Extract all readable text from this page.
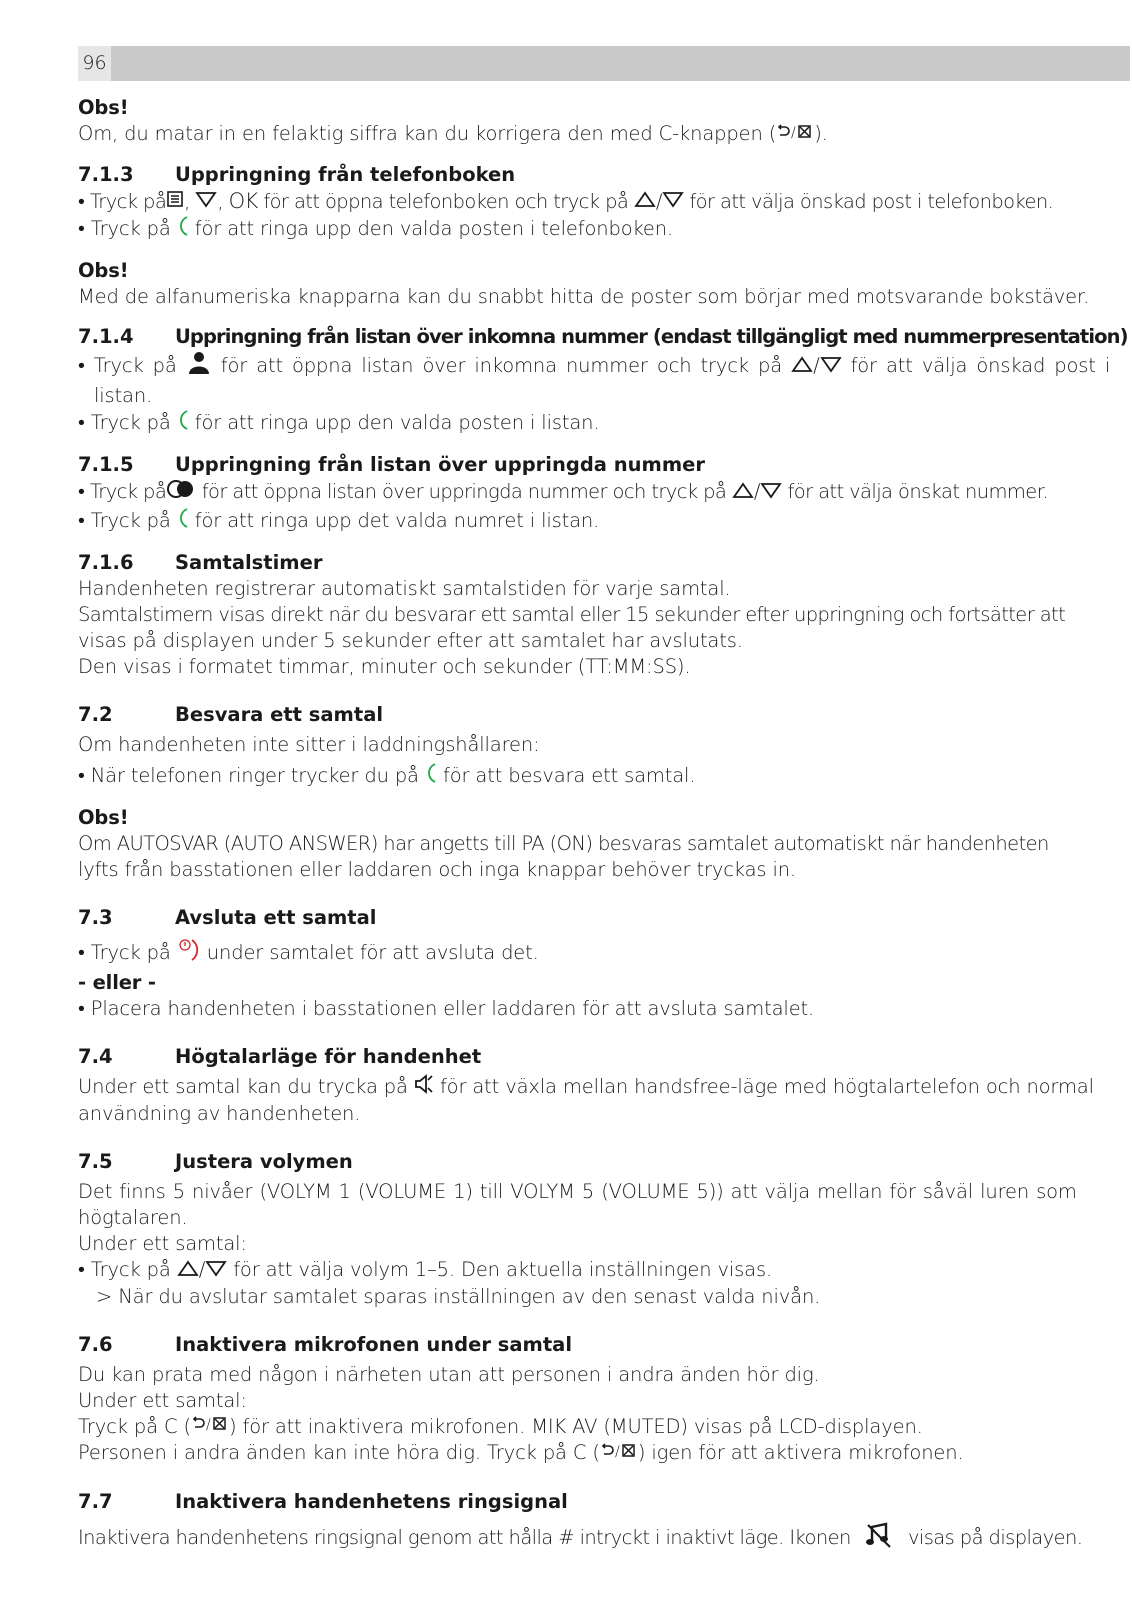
96
Obs!
Om, du matar in en felaktig siffra kan du korrigera den med C-knappen ( / ).
7.1.3	Uppringning från telefonboken
• Tryck på , , OK för att öppna telefonboken och tryck på / för att välja önskad post i telefonboken.
• Tryck på för att ringa upp den valda posten i telefonboken.
Obs!
Med de alfanumeriska knapparna kan du snabbt hitta de poster som börjar med motsvarande bokstäver.
7.1.4	Uppringning från listan över inkomna nummer (endast tillgängligt med nummerpresentation)
• Tryck på för att öppna listan över inkomna nummer och tryck på / för att välja önskad post i
listan.
• Tryck på för att ringa upp den valda posten i listan.
7.1.5	Uppringning från listan över uppringda nummer
• Tryck på för att öppna listan över uppringda nummer och tryck på / för att välja önskat nummer.
• Tryck på för att ringa upp det valda numret i listan.
7.1.6	Samtalstimer
Handenheten registrerar automatiskt samtalstiden för varje samtal.
Samtalstimern visas direkt när du besvarar ett samtal eller 15 sekunder efter uppringning och fortsätter att
visas på displayen under 5 sekunder efter att samtalet har avslutats.
Den visas i formatet timmar, minuter och sekunder (TT:MM:SS).
7.2	Besvara ett samtal
Om handenheten inte sitter i laddningshållaren:
• När telefonen ringer trycker du på för att besvara ett samtal.
Obs!
Om AUTOSVAR (AUTO ANSWER) har angetts till PA (ON) besvaras samtalet automatiskt när handenheten
lyfts från basstationen eller laddaren och inga knappar behöver tryckas in.
7.3	Avsluta ett samtal
• Tryck på under samtalet för att avsluta det.
- eller -
• Placera handenheten i basstationen eller laddaren för att avsluta samtalet.
7.4	Högtalarläge för handenhet
Under ett samtal kan du trycka på för att växla mellan handsfree-läge med högtalartelefon och normal
användning av handenheten.
7.5	Justera volymen
Det finns 5 nivåer (VOLYM 1 (VOLUME 1) till VOLYM 5 (VOLUME 5)) att välja mellan för såväl luren som
högtalaren.
Under ett samtal:
• Tryck på / för att välja volym 1–5. Den aktuella inställningen visas.
> När du avslutar samtalet sparas inställningen av den senast valda nivån.
7.6	Inaktivera mikrofonen under samtal
Du kan prata med någon i närheten utan att personen i andra änden hör dig.
Under ett samtal:
Tryck på C ( / ) för att inaktivera mikrofonen. MIK AV (MUTED) visas på LCD-displayen.
Personen i andra änden kan inte höra dig. Tryck på C ( / ) igen för att aktivera mikrofonen.
7.7	Inaktivera handenhetens ringsignal
Inaktivera handenhetens ringsignal genom att hålla # intryckt i inaktivt läge. Ikonen	visas på displayen.
